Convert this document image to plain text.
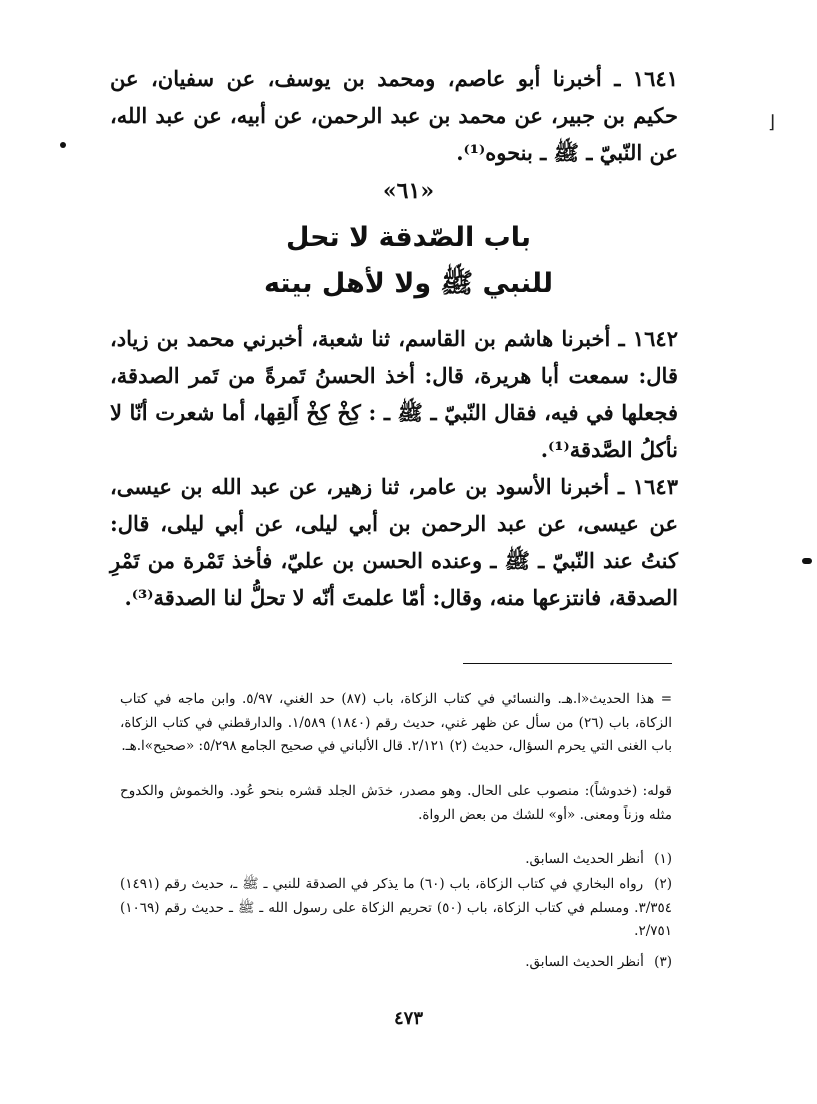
١٦٤١ ـ أخبرنا أبو عاصم، ومحمد بن يوسف، عن سفيان، عن حكيم بن جبير، عن محمد بن عبد الرحمن، عن أبيه، عن عبد الله، عن النّبيّ ـ ﷺ ـ بنحوه⁽¹⁾.

«٦١»
باب الصّدقة لا تحل
للنبي ﷺ ولا لأهل بيته

١٦٤٢ ـ أخبرنا هاشم بن القاسم، ثنا شعبة، أخبرني محمد بن زياد، قال: سمعت أبا هريرة، قال: أخذ الحسنُ تَمرةً من تَمر الصدقة، فجعلها في فيه، فقال النّبيّ ـ ﷺ ـ : كِخْ كِخْ أَلقِها، أما شعرت أنّا لا نأكلُ الصَّدقة⁽¹⁾.

١٦٤٣ ـ أخبرنا الأسود بن عامر، ثنا زهير، عن عبد الله بن عيسى، عن عيسى، عن عبد الرحمن بن أبي ليلى، عن أبي ليلى، قال: كنتُ عند النّبيّ ـ ﷺ ـ وعنده الحسن بن عليّ، فأخذ تَمْرة من تَمْرِ الصدقة، فانتزعها منه، وقال: أمّا علمتَ أنّه لا تحلُّ لنا الصدقة⁽³⁾.

= هذا الحديث«ا.هـ. والنسائي في كتاب الزكاة، باب (٨٧) حد الغني، ٥/٩٧. وابن ماجه في كتاب الزكاة، باب (٢٦) من سأل عن ظهر غني، حديث رقم (١٨٤٠) ١/٥٨٩. والدارقطني في كتاب الزكاة، باب الغنى التي يحرم السؤال، حديث (٢) ٢/١٢١. قال الألباني في صحيح الجامع ٥/٢٩٨: «صحيح»ا.هـ.
قوله: (خدوشاً): منصوب على الحال. وهو مصدر، خدَش الجلد قشره بنحو عُود. والخموش والكدوح مثله وزناً ومعنى. «أو» للشك من بعض الرواة.
(١) أنظر الحديث السابق.
(٢) رواه البخاري في كتاب الزكاة، باب (٦٠) ما يذكر في الصدقة للنبي ـ ﷺ ـ، حديث رقم (١٤٩١) ٣/٣٥٤. ومسلم في كتاب الزكاة، باب (٥٠) تحريم الزكاة على رسول الله ـ ﷺ ـ حديث رقم (١٠٦٩) ٢/٧٥١.
(٣) أنظر الحديث السابق.
٤٧٣
⌊
